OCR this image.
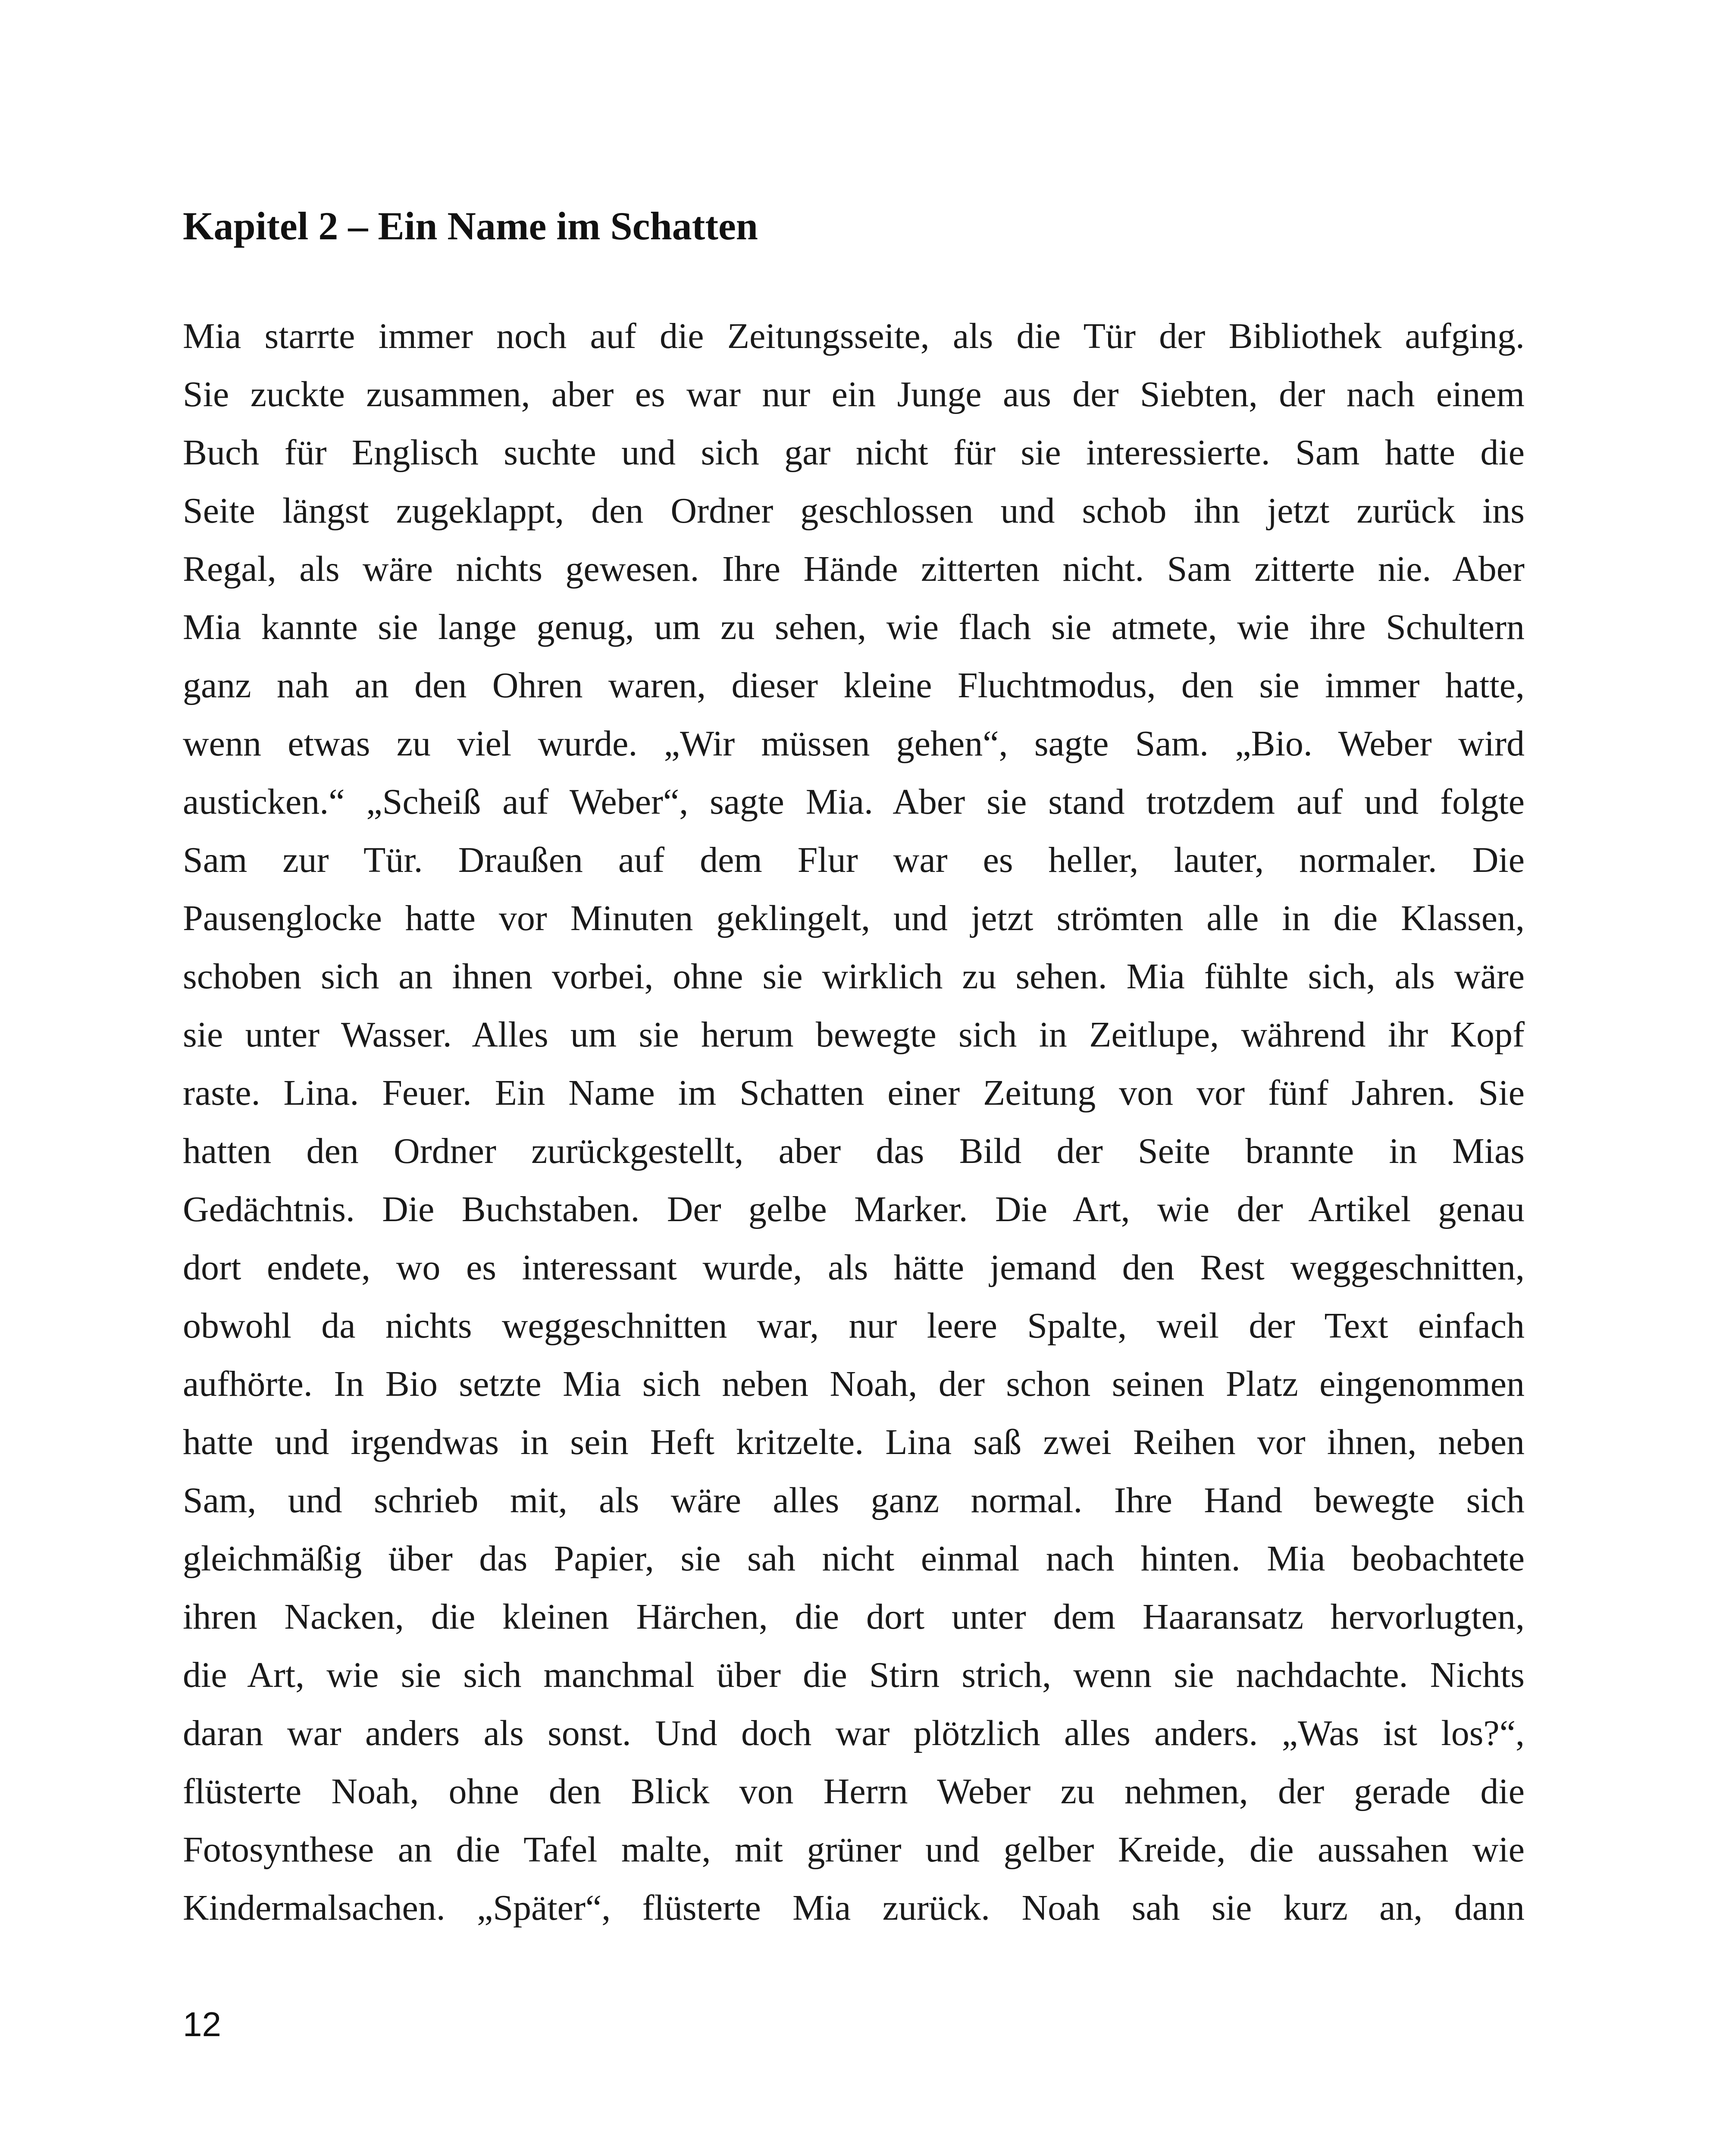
Kapitel 2 – Ein Name im Schatten
Mia starrte immer noch auf die Zeitungsseite, als die Tür der Bibliothek aufging.
Sie zuckte zusammen, aber es war nur ein Junge aus der Siebten, der nach einem
Buch für Englisch suchte und sich gar nicht für sie interessierte. Sam hatte die
Seite längst zugeklappt, den Ordner geschlossen und schob ihn jetzt zurück ins
Regal, als wäre nichts gewesen. Ihre Hände zitterten nicht. Sam zitterte nie. Aber
Mia kannte sie lange genug, um zu sehen, wie flach sie atmete, wie ihre Schultern
ganz nah an den Ohren waren, dieser kleine Fluchtmodus, den sie immer hatte,
wenn etwas zu viel wurde. „Wir müssen gehen“, sagte Sam. „Bio. Weber wird
austicken.“ „Scheiß auf Weber“, sagte Mia. Aber sie stand trotzdem auf und folgte
Sam zur Tür. Draußen auf dem Flur war es heller, lauter, normaler. Die
Pausenglocke hatte vor Minuten geklingelt, und jetzt strömten alle in die Klassen,
schoben sich an ihnen vorbei, ohne sie wirklich zu sehen. Mia fühlte sich, als wäre
sie unter Wasser. Alles um sie herum bewegte sich in Zeitlupe, während ihr Kopf
raste. Lina. Feuer. Ein Name im Schatten einer Zeitung von vor fünf Jahren. Sie
hatten den Ordner zurückgestellt, aber das Bild der Seite brannte in Mias
Gedächtnis. Die Buchstaben. Der gelbe Marker. Die Art, wie der Artikel genau
dort endete, wo es interessant wurde, als hätte jemand den Rest weggeschnitten,
obwohl da nichts weggeschnitten war, nur leere Spalte, weil der Text einfach
aufhörte. In Bio setzte Mia sich neben Noah, der schon seinen Platz eingenommen
hatte und irgendwas in sein Heft kritzelte. Lina saß zwei Reihen vor ihnen, neben
Sam, und schrieb mit, als wäre alles ganz normal. Ihre Hand bewegte sich
gleichmäßig über das Papier, sie sah nicht einmal nach hinten. Mia beobachtete
ihren Nacken, die kleinen Härchen, die dort unter dem Haaransatz hervorlugten,
die Art, wie sie sich manchmal über die Stirn strich, wenn sie nachdachte. Nichts
daran war anders als sonst. Und doch war plötzlich alles anders. „Was ist los?“,
flüsterte Noah, ohne den Blick von Herrn Weber zu nehmen, der gerade die
Fotosynthese an die Tafel malte, mit grüner und gelber Kreide, die aussahen wie
Kindermalsachen. „Später“, flüsterte Mia zurück. Noah sah sie kurz an, dann
12
